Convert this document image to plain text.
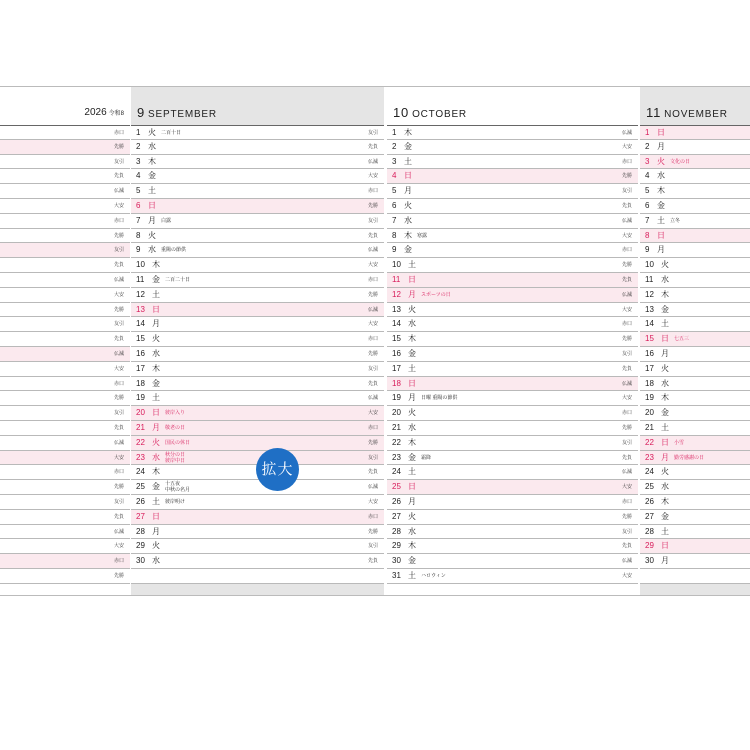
2026 令和8
赤口
先勝
友引
先負
仏滅
大安
赤口
先勝
友引
先負
仏滅
大安
先勝
友引
先負
仏滅
大安
赤口
先勝
友引
先負
仏滅
大安
赤口
先勝
友引
先負
仏滅
大安
赤口
先勝
9 SEPTEMBER
1 火 二百十日	友引
2 水	先負
3 木	仏滅
4 金	大安
5 土	赤口
6 日	先勝
7 月 白露	友引
8 火	先負
9 水 重陽の節供	仏滅
10 木	大安
11 金 二百二十日	赤口
12 土	先勝
13 日	仏滅
14 月	大安
15 火	赤口
16 水	先勝
17 木	友引
18 金	先負
19 土	仏滅
20 日 彼岸入り	大安
21 月 敬老の日	赤口
22 火 国民の休日	先勝
23 水 秋分の日
彼岸中日	友引
24 木	先負
25 金 十五夜
中秋の名月	仏滅
26 土 彼岸明け	大安
27 日	赤口
28 月	先勝
29 火	友引
30 水	先負
10 OCTOBER
1 木	仏滅
2 金	大安
3 土	赤口
4 日	先勝
5 月	友引
6 火	先負
7 水	仏滅
8 木 寒露	大安
9 金	赤口
10 土	先勝
11 日	先負
12 月 スポーツの日	仏滅
13 火	大安
14 水	赤口
15 木	先勝
16 金	友引
17 土	先負
18 日	仏滅
19 月 日曜 重陽の節供	大安
20 火	赤口
21 水	先勝
22 木	友引
23 金 霜降	先負
24 土	仏滅
25 日	大安
26 月	赤口
27 火	先勝
28 水	友引
29 木	先負
30 金	仏滅
31 土 ハロウィン	大安
11 NOVEMBER
1 日
2 月
3 火 文化の日
4 水
5 木
6 金
7 土 立冬
8 日
9 月
10 火
11 水
12 木
13 金
14 土
15 日 七五三
16 月
17 火
18 水
19 木
20 金
21 土
22 日 小雪
23 月 勤労感謝の日
24 火
25 水
26 木
27 金
28 土
29 日
30 月
拡大
